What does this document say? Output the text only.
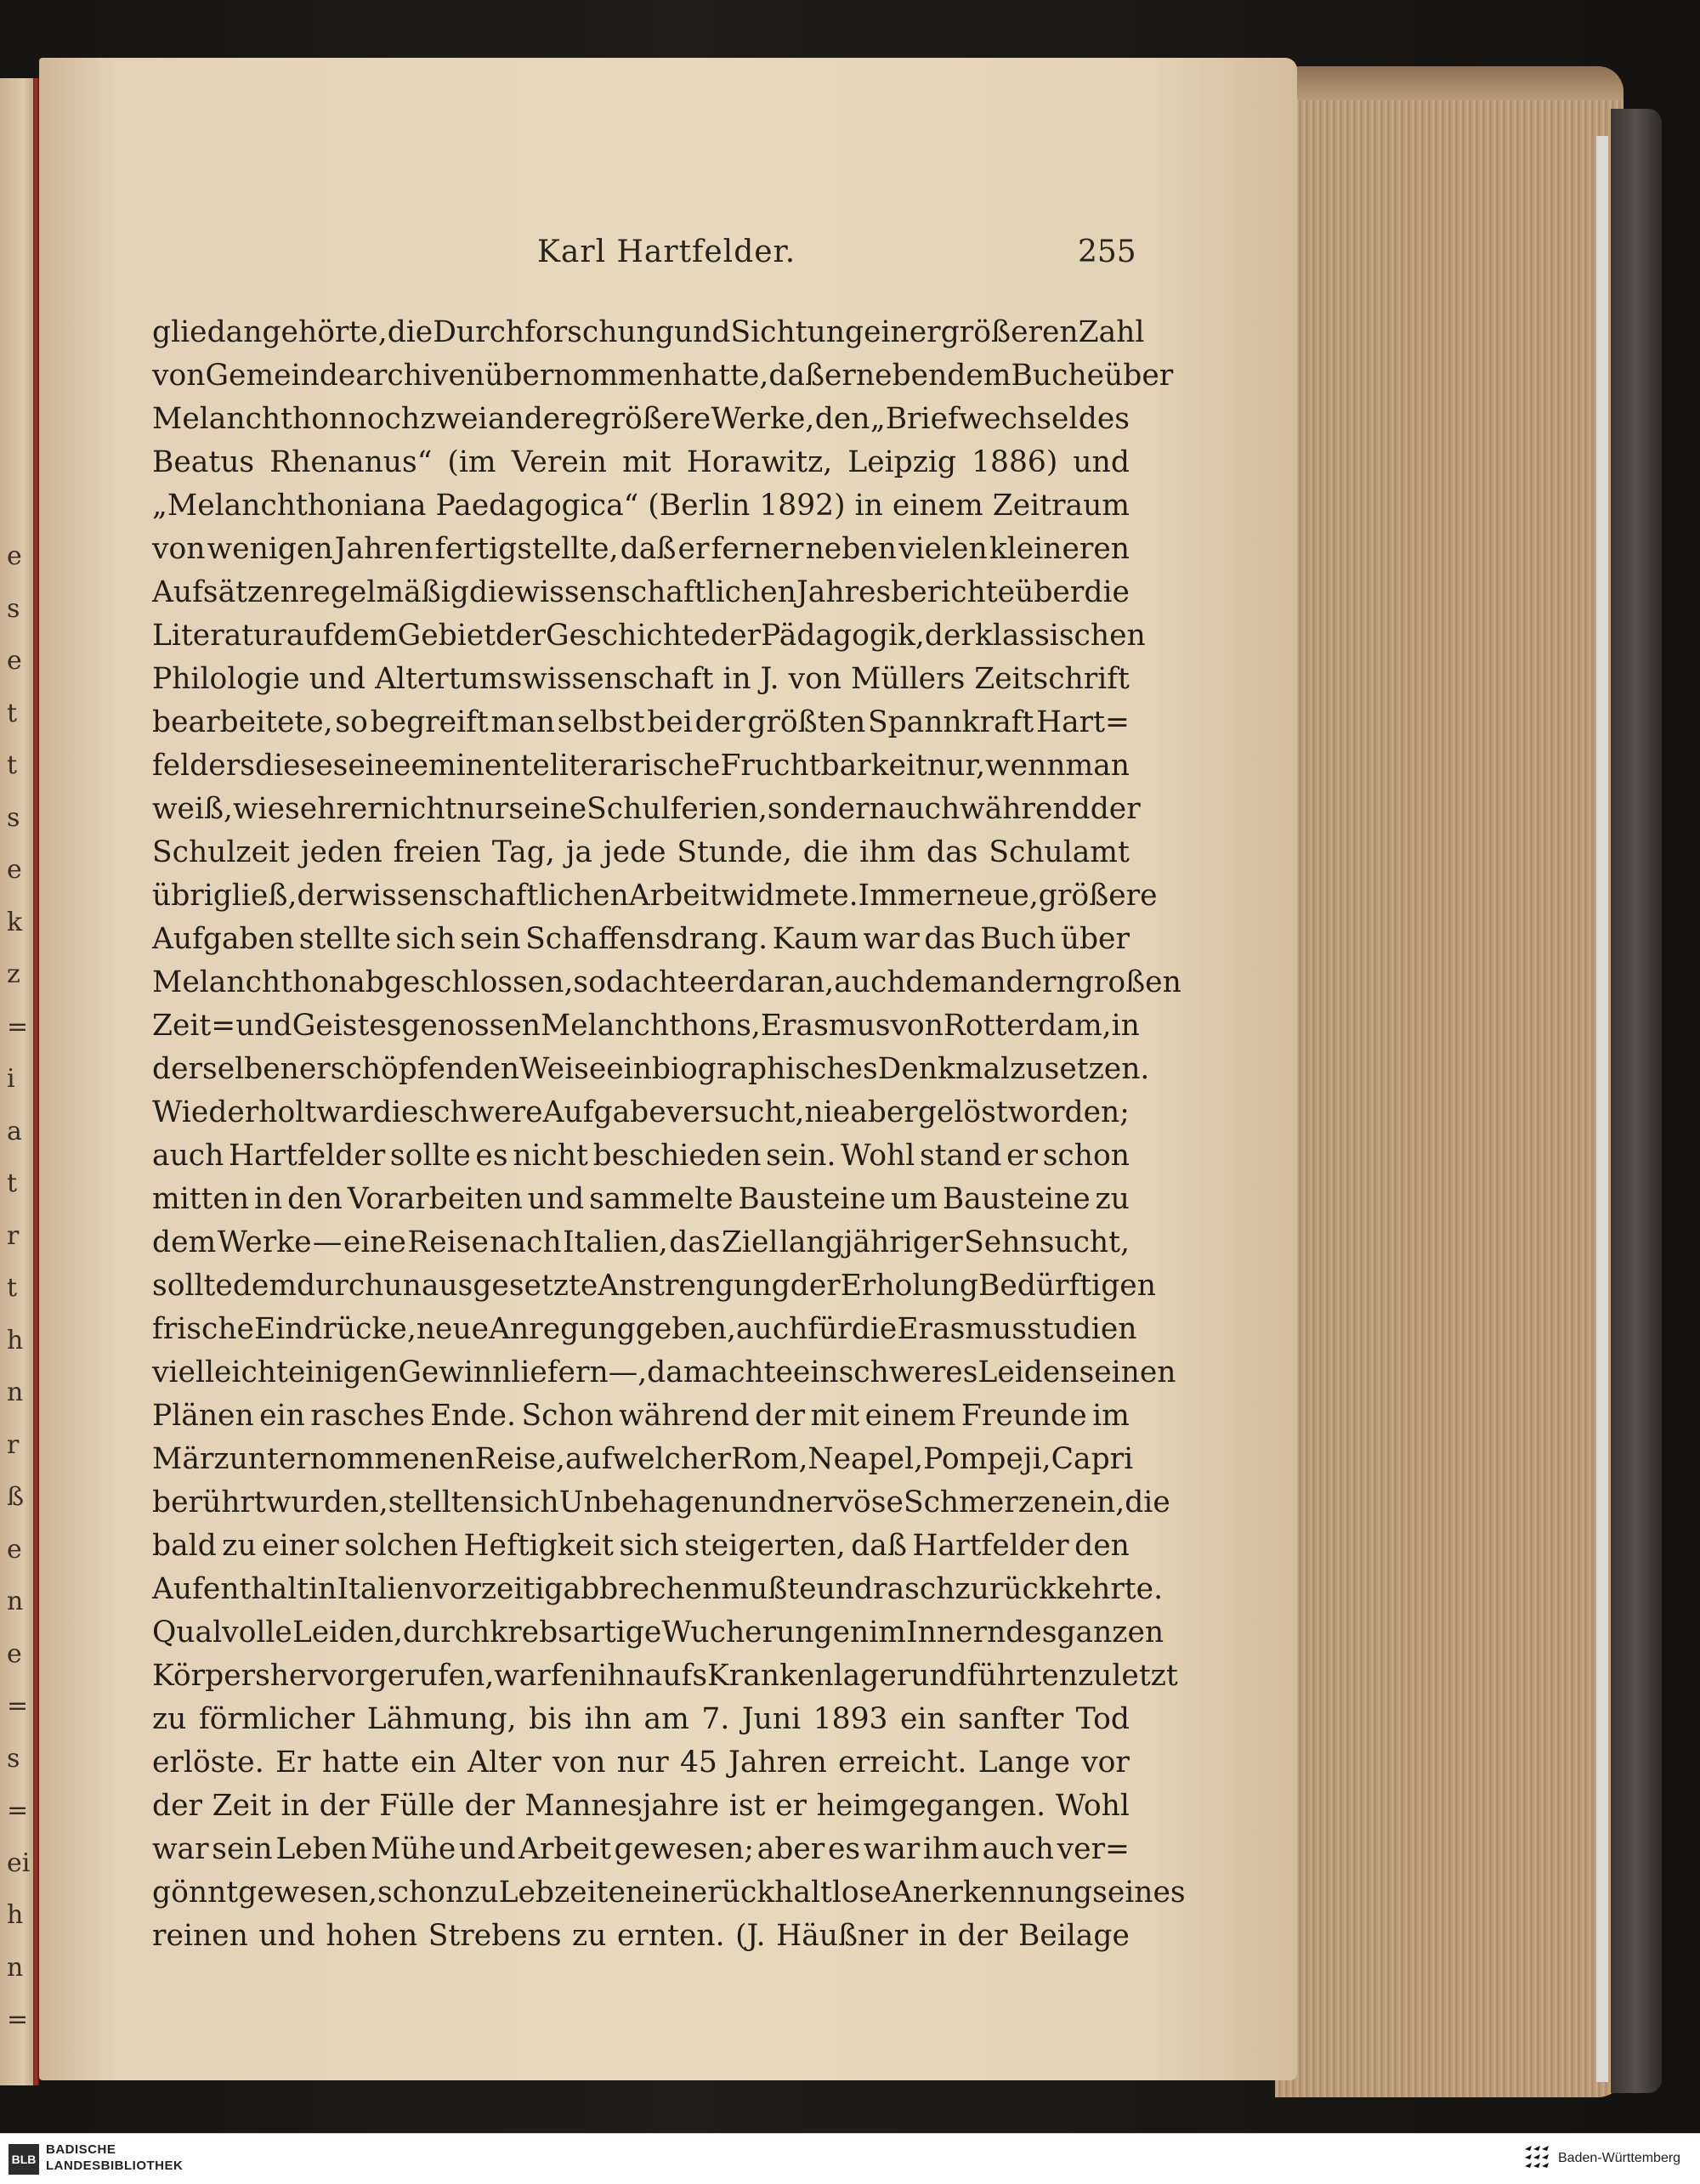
e
s
e
t
t
s
e
k
z
=
i
a
t
r
t
h
n
r
ß
e
n
e
=
s
=
ei
h
n
=
Karl Hartfelder.	255
glied angehörte, die Durchforschung und Sichtung einer größeren Zahl
von Gemeindearchiven übernommen hatte, daß er neben dem Buche über
Melanchthon noch zwei andere größere Werke, den „Briefwechsel des
Beatus Rhenanus“ (im Verein mit Horawitz, Leipzig 1886) und
„Melanchthoniana Paedagogica“ (Berlin 1892) in einem Zeitraum
von wenigen Jahren fertigstellte, daß er ferner neben vielen kleineren
Aufsätzen regelmäßig die wissenschaftlichen Jahresberichte über die
Literatur auf dem Gebiet der Geschichte der Pädagogik, der klassischen
Philologie und Altertumswissenschaft in J. von Müllers Zeitschrift
bearbeitete, so begreift man selbst bei der größten Spannkraft Hart=
felders diese seine eminente literarische Fruchtbarkeit nur, wenn man
weiß, wie sehr er nicht nur seine Schulferien, sondern auch während der
Schulzeit jeden freien Tag, ja jede Stunde, die ihm das Schulamt
übrig ließ, der wissenschaftlichen Arbeit widmete. Immer neue, größere
Aufgaben stellte sich sein Schaffensdrang. Kaum war das Buch über
Melanchthon abgeschlossen, so dachte er daran, auch dem andern großen
Zeit= und Geistesgenossen Melanchthons, Erasmus von Rotterdam, in
derselben erschöpfenden Weise ein biographisches Denkmal zu setzen.
Wiederholt war die schwere Aufgabe versucht, nie aber gelöst worden;
auch Hartfelder sollte es nicht beschieden sein. Wohl stand er schon
mitten in den Vorarbeiten und sammelte Bausteine um Bausteine zu
dem Werke — eine Reise nach Italien, das Ziel langjähriger Sehnsucht,
sollte dem durch unausgesetzte Anstrengung der Erholung Bedürftigen
frische Eindrücke, neue Anregung geben, auch für die Erasmusstudien
vielleicht einigen Gewinn liefern —, da machte ein schweres Leiden seinen
Plänen ein rasches Ende. Schon während der mit einem Freunde im
März unternommenen Reise, auf welcher Rom, Neapel, Pompeji, Capri
berührt wurden, stellten sich Unbehagen und nervöse Schmerzen ein, die
bald zu einer solchen Heftigkeit sich steigerten, daß Hartfelder den
Aufenthalt in Italien vorzeitig abbrechen mußte und rasch zurückkehrte.
Qualvolle Leiden, durch krebsartige Wucherungen im Innern des ganzen
Körpers hervorgerufen, warfen ihn aufs Krankenlager und führten zuletzt
zu förmlicher Lähmung, bis ihn am 7. Juni 1893 ein sanfter Tod
erlöste. Er hatte ein Alter von nur 45 Jahren erreicht. Lange vor
der Zeit in der Fülle der Mannesjahre ist er heimgegangen. Wohl
war sein Leben Mühe und Arbeit gewesen; aber es war ihm auch ver=
gönnt gewesen, schon zu Lebzeiten eine rückhaltlose Anerkennung seines
reinen und hohen Strebens zu ernten. (J. Häußner in der Beilage
BLB
BADISCHE
LANDESBIBLIOTHEK
Baden-Württemberg
